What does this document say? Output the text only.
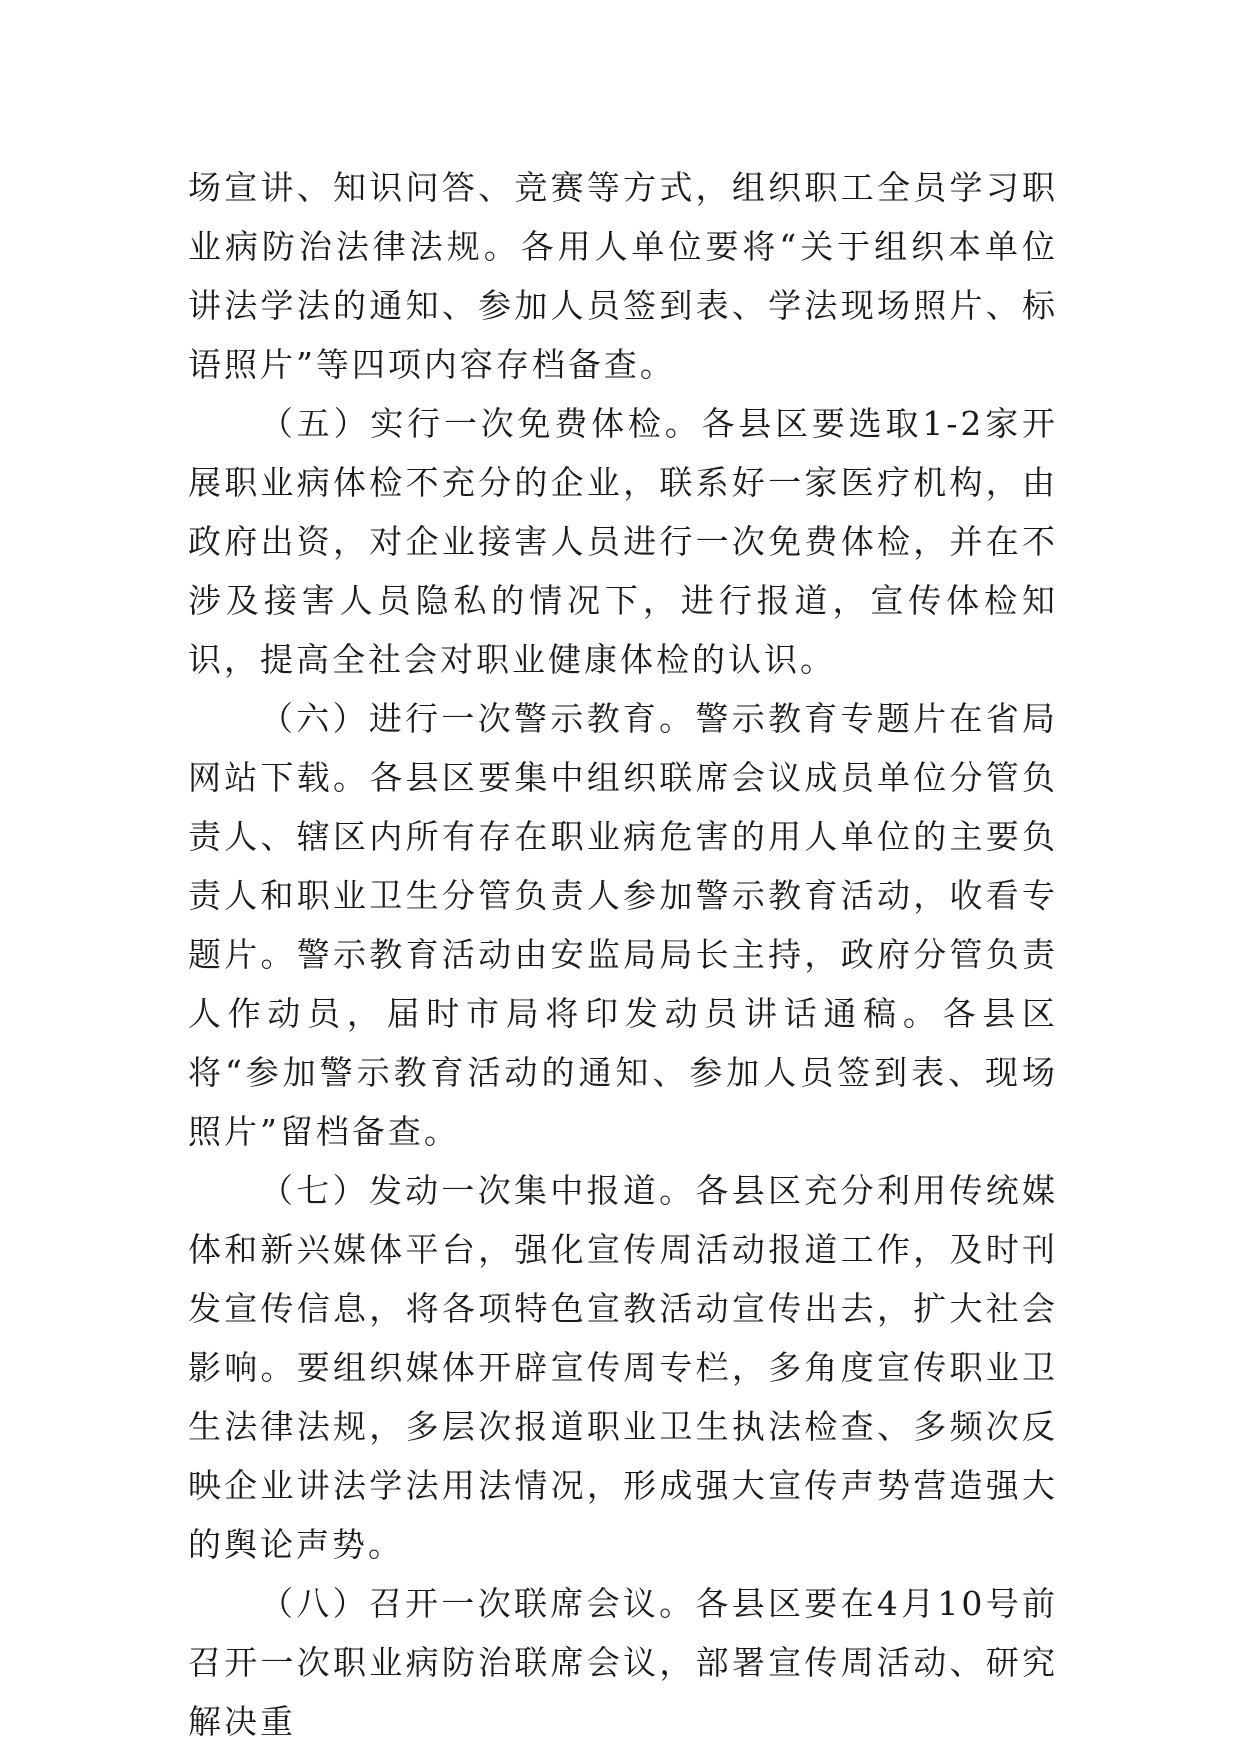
场宣讲、知识问答、竞赛等方式，组织职工全员学习职业病防治法律法规。各用人单位要将“关于组织本单位讲法学法的通知、参加人员签到表、学法现场照片、标语照片”等四项内容存档备查。

（五）实行一次免费体检。各县区要选取1-2家开展职业病体检不充分的企业，联系好一家医疗机构，由政府出资，对企业接害人员进行一次免费体检，并在不涉及接害人员隐私的情况下，进行报道，宣传体检知识，提高全社会对职业健康体检的认识。

（六）进行一次警示教育。警示教育专题片在省局网站下载。各县区要集中组织联席会议成员单位分管负责人、辖区内所有存在职业病危害的用人单位的主要负责人和职业卫生分管负责人参加警示教育活动，收看专题片。警示教育活动由安监局局长主持，政府分管负责人作动员，届时市局将印发动员讲话通稿。各县区将“参加警示教育活动的通知、参加人员签到表、现场照片”留档备查。

（七）发动一次集中报道。各县区充分利用传统媒体和新兴媒体平台，强化宣传周活动报道工作，及时刊发宣传信息，将各项特色宣教活动宣传出去，扩大社会影响。要组织媒体开辟宣传周专栏，多角度宣传职业卫生法律法规，多层次报道职业卫生执法检查、多频次反映企业讲法学法用法情况，形成强大宣传声势营造强大的舆论声势。

（八）召开一次联席会议。各县区要在4月10号前召开一次职业病防治联席会议，部署宣传周活动、研究解决重
